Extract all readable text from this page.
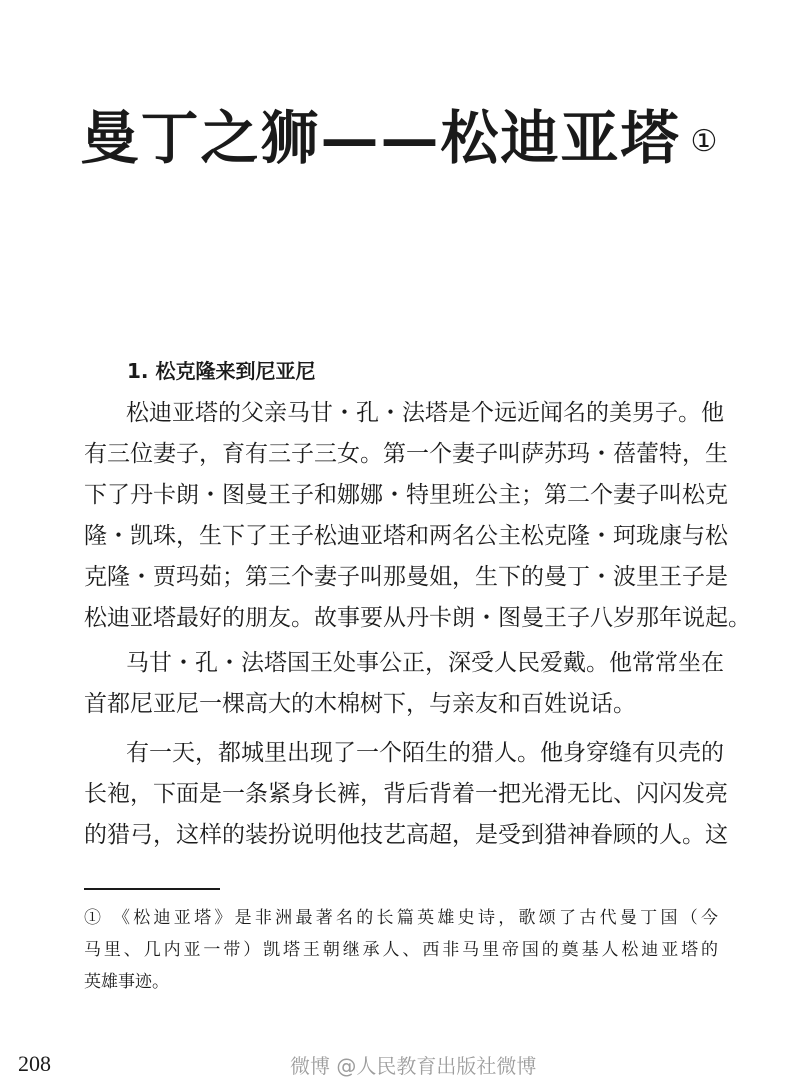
曼丁之狮——松迪亚塔 ①
1. 松克隆来到尼亚尼

松迪亚塔的父亲马甘・孔・法塔是个远近闻名的美男子。他

有三位妻子，育有三子三女。第一个妻子叫萨苏玛・蓓蕾特，生

下了丹卡朗・图曼王子和娜娜・特里班公主；第二个妻子叫松克

隆・凯珠，生下了王子松迪亚塔和两名公主松克隆・珂珑康与松

克隆・贾玛茹；第三个妻子叫那曼姐，生下的曼丁・波里王子是

松迪亚塔最好的朋友。故事要从丹卡朗・图曼王子八岁那年说起。

马甘・孔・法塔国王处事公正，深受人民爱戴。他常常坐在

首都尼亚尼一棵高大的木棉树下，与亲友和百姓说话。

有一天，都城里出现了一个陌生的猎人。他身穿缝有贝壳的

长袍，下面是一条紧身长裤，背后背着一把光滑无比、闪闪发亮

的猎弓，这样的装扮说明他技艺高超，是受到猎神眷顾的人。这

① 《松迪亚塔》是非洲最著名的长篇英雄史诗，歌颂了古代曼丁国（今

马里、几内亚一带）凯塔王朝继承人、西非马里帝国的奠基人松迪亚塔的

英雄事迹。

208	微博 @人民教育出版社微博
